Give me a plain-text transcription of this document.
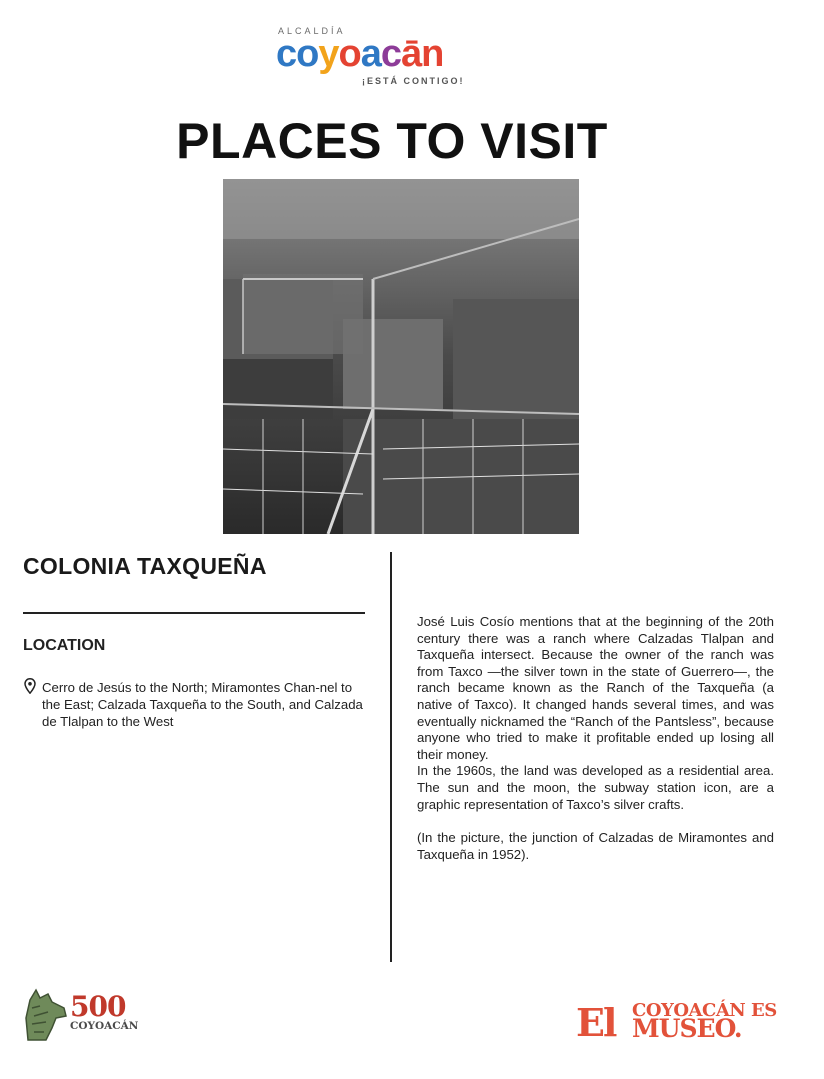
ALCALDÍA
coyoacān
¡ESTÁ CONTIGO!
PLACES TO VISIT
COLONIA TAXQUEÑA
LOCATION
Cerro de Jesús to the North; Miramontes Chan-nel to the East; Calzada Taxqueña to the South, and Calzada de Tlalpan to the West

José Luis Cosío mentions that at the beginning of the 20th century there was a ranch where Calzadas Tlalpan and Taxqueña intersect. Because the owner of the ranch was from Taxco —the silver town in the state of Guerrero—, the ranch became known as the Ranch of the Taxqueña (a native of Taxco). It changed hands several times, and was eventually nicknamed the “Ranch of the Pantsless”, because anyone who tried to make it profitable ended up losing all their money.

In the 1960s, the land was developed as a residential area. The sun and the moon, the subway station icon, are a graphic representation of Taxco’s silver crafts.

(In the picture, the junction of Calzadas de Miramontes and Taxqueña in 1952).

500
COYOACÁN	El COYOACÁN ES
MUSEO.
